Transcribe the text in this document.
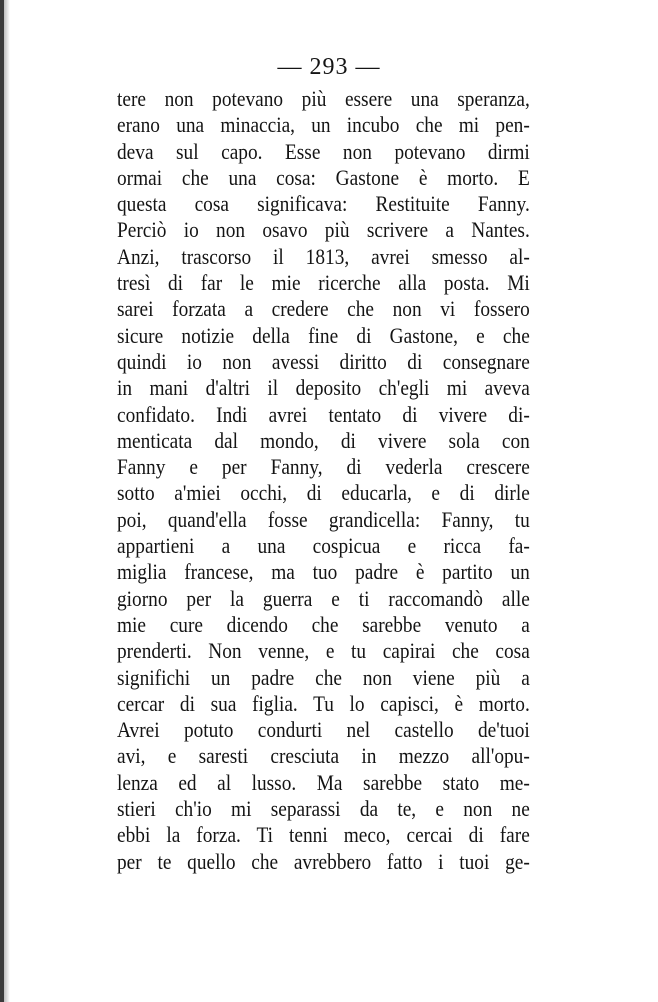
— 293 —
tere non potevano più essere una speranza,
erano una minaccia, un incubo che mi pen-
deva sul capo. Esse non potevano dirmi
ormai che una cosa: Gastone è morto. E
questa cosa significava: Restituite Fanny.
Perciò io non osavo più scrivere a Nantes.
Anzi, trascorso il 1813, avrei smesso al-
tresì di far le mie ricerche alla posta. Mi
sarei forzata a credere che non vi fossero
sicure notizie della fine di Gastone, e che
quindi io non avessi diritto di consegnare
in mani d'altri il deposito ch'egli mi aveva
confidato. Indi avrei tentato di vivere di-
menticata dal mondo, di vivere sola con
Fanny e per Fanny, di vederla crescere
sotto a'miei occhi, di educarla, e di dirle
poi, quand'ella fosse grandicella: Fanny, tu
appartieni a una cospicua e ricca fa-
miglia francese, ma tuo padre è partito un
giorno per la guerra e ti raccomandò alle
mie cure dicendo che sarebbe venuto a
prenderti. Non venne, e tu capirai che cosa
significhi un padre che non viene più a
cercar di sua figlia. Tu lo capisci, è morto.
Avrei potuto condurti nel castello de'tuoi
avi, e saresti cresciuta in mezzo all'opu-
lenza ed al lusso. Ma sarebbe stato me-
stieri ch'io mi separassi da te, e non ne
ebbi la forza. Ti tenni meco, cercai di fare
per te quello che avrebbero fatto i tuoi ge-
